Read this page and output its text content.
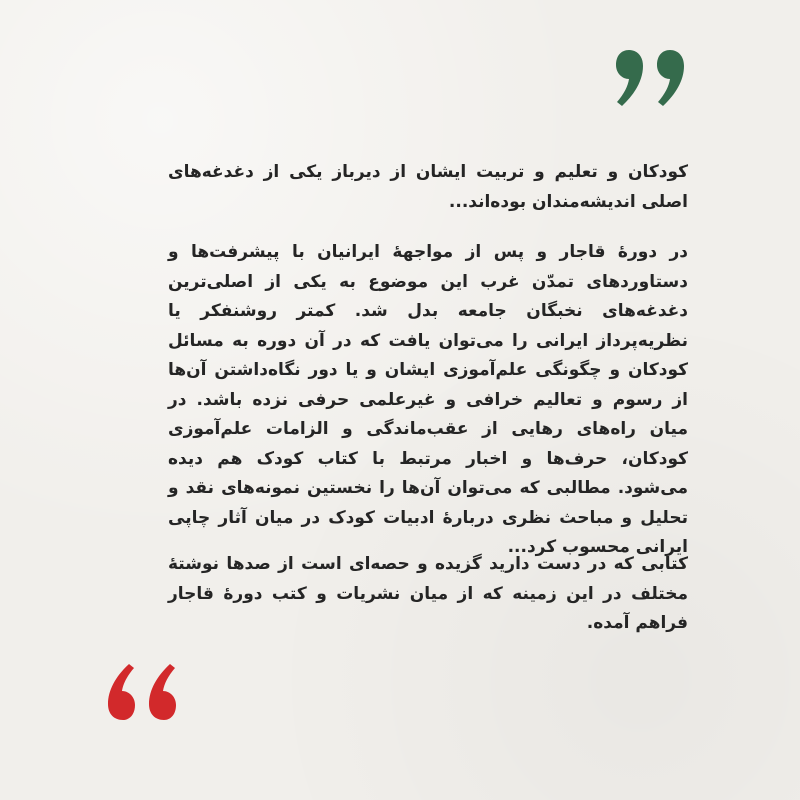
کودکان و تعلیم و تربیت ایشان از دیرباز یکی از دغدغه‌های اصلی اندیشه‌مندان بوده‌اند...

در دورهٔ قاجار و پس از مواجههٔ ایرانیان با پیشرفت‌ها و دستاوردهای تمدّن غرب این موضوع به یکی از اصلی‌ترین دغدغه‌های نخبگان جامعه بدل شد. کمتر روشنفکر یا نظریه‌پرداز ایرانی را می‌توان یافت که در آن دوره به مسائل کودکان و چگونگی علم‌آموزی ایشان و یا دور نگاه‌داشتن آن‌ها از رسوم و تعالیم خرافی و غیرعلمی حرفی نزده باشد. در میان راه‌های رهایی از عقب‌ماندگی و الزامات علم‌آموزی کودکان، حرف‌ها و اخبار مرتبط با کتاب کودک هم دیده می‌شود. مطالبی که می‌توان آن‌ها را نخستین نمونه‌های نقد و تحلیل و مباحث نظری دربارهٔ ادبیات کودک در میان آثار چاپی ایرانی محسوب کرد...

کتابی که در دست دارید گزیده و حصه‌ای است از صدها نوشتهٔ مختلف در این زمینه که از میان نشریات و کتب دورهٔ قاجار فراهم آمده.
